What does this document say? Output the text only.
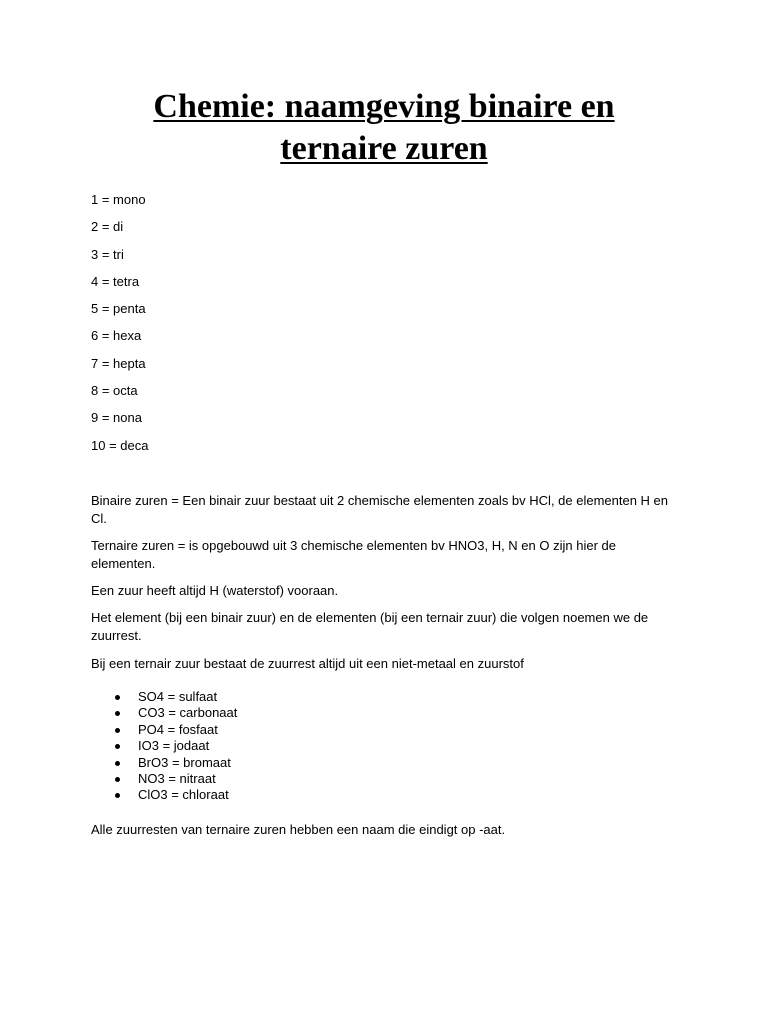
Chemie: naamgeving binaire en
ternaire zuren
1 = mono
2 = di
3 = tri
4 = tetra
5 = penta
6 = hexa
7 = hepta
8 = octa
9 = nona
10 = deca

Binaire zuren = Een binair zuur bestaat uit 2 chemische elementen zoals bv HCl, de elementen H en Cl.

Ternaire zuren = is opgebouwd uit 3 chemische elementen bv HNO3, H, N en O zijn hier de elementen.

Een zuur heeft altijd H (waterstof) vooraan.

Het element (bij een binair zuur) en de elementen (bij een ternair zuur) die volgen noemen we de zuurrest.

Bij een ternair zuur bestaat de zuurrest altijd uit een niet-metaal en zuurstof

SO4 = sulfaat
CO3 = carbonaat
PO4 = fosfaat
IO3 = jodaat
BrO3 = bromaat
NO3 = nitraat
ClO3 = chloraat

Alle zuurresten van ternaire zuren hebben een naam die eindigt op -aat.
